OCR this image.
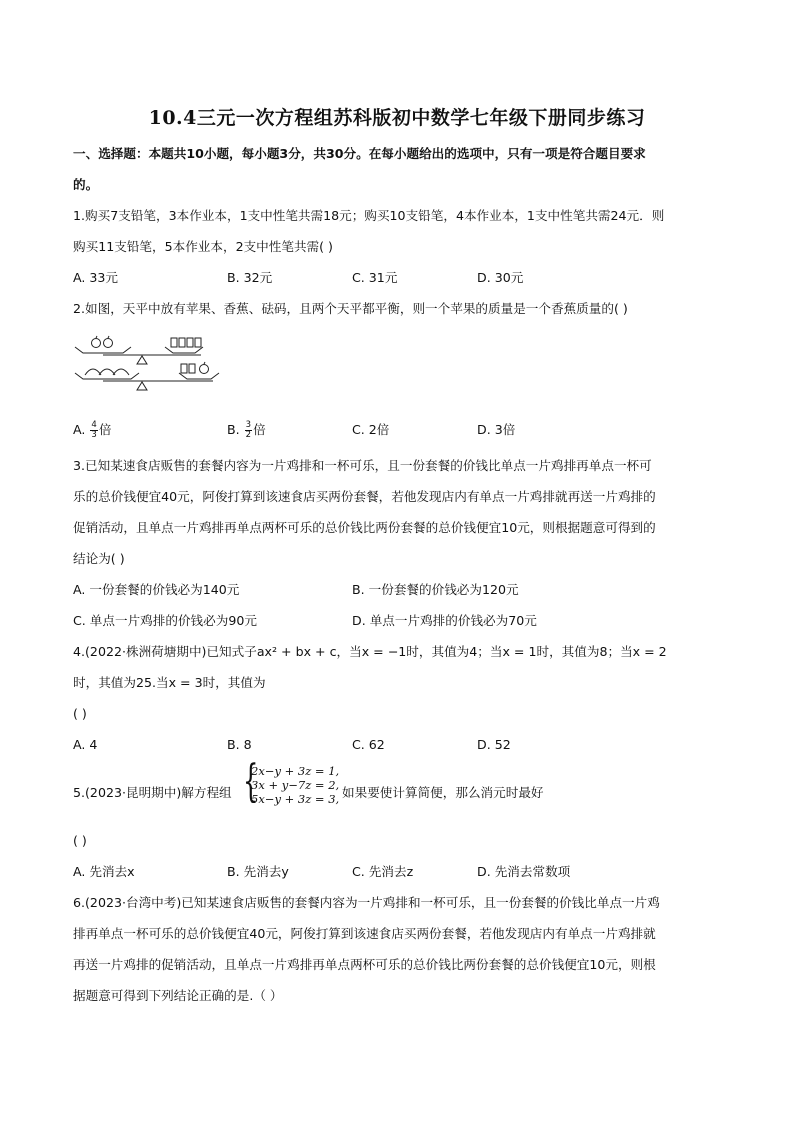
10.4三元一次方程组苏科版初中数学七年级下册同步练习
一、选择题：本题共10小题，每小题3分，共30分。在每小题给出的选项中，只有一项是符合题目要求
的。
1.购买7支铅笔，3本作业本，1支中性笔共需18元；购买10支铅笔，4本作业本，1支中性笔共需24元．则
购买11支铅笔，5本作业本，2支中性笔共需( )
A. 33元	B. 32元	C. 31元	D. 30元
2.如图，天平中放有苹果、香蕉、砝码，且两个天平都平衡，则一个苹果的质量是一个香蕉质量的( )
A. $\frac{4}{3}$ 倍	B. $\frac{3}{2}$ 倍	C. 2倍	D. 3倍
3.已知某速食店贩售的套餐内容为一片鸡排和一杯可乐，且一份套餐的价钱比单点一片鸡排再单点一杯可
乐的总价钱便宜40元，阿俊打算到该速食店买两份套餐，若他发现店内有单点一片鸡排就再送一片鸡排的
促销活动，且单点一片鸡排再单点两杯可乐的总价钱比两份套餐的总价钱便宜10元，则根据题意可得到的
结论为( )
A. 一份套餐的价钱必为140元	B. 一份套餐的价钱必为120元
C. 单点一片鸡排的价钱必为90元	D. 单点一片鸡排的价钱必为70元
4.(2022·株洲荷塘期中)已知式子ax² + bx + c，当x = −1时，其值为4；当x = 1时，其值为8；当x = 2
时，其值为25.当x = 3时，其值为
( )
A. 4	B. 8	C. 62	D. 52
5.(2023·昆明期中)解方程组 {
2x−y + 3z = 1,
3x + y−7z = 2,
5x−y + 3z = 3, 如果要使计算简便，那么消元时最好
( )
A. 先消去x	B. 先消去y	C. 先消去z	D. 先消去常数项
6.(2023·台湾中考)已知某速食店贩售的套餐内容为一片鸡排和一杯可乐，且一份套餐的价钱比单点一片鸡
排再单点一杯可乐的总价钱便宜40元，阿俊打算到该速食店买两份套餐，若他发现店内有单点一片鸡排就
再送一片鸡排的促销活动，且单点一片鸡排再单点两杯可乐的总价钱比两份套餐的总价钱便宜10元，则根
据题意可得到下列结论正确的是.（ ）
